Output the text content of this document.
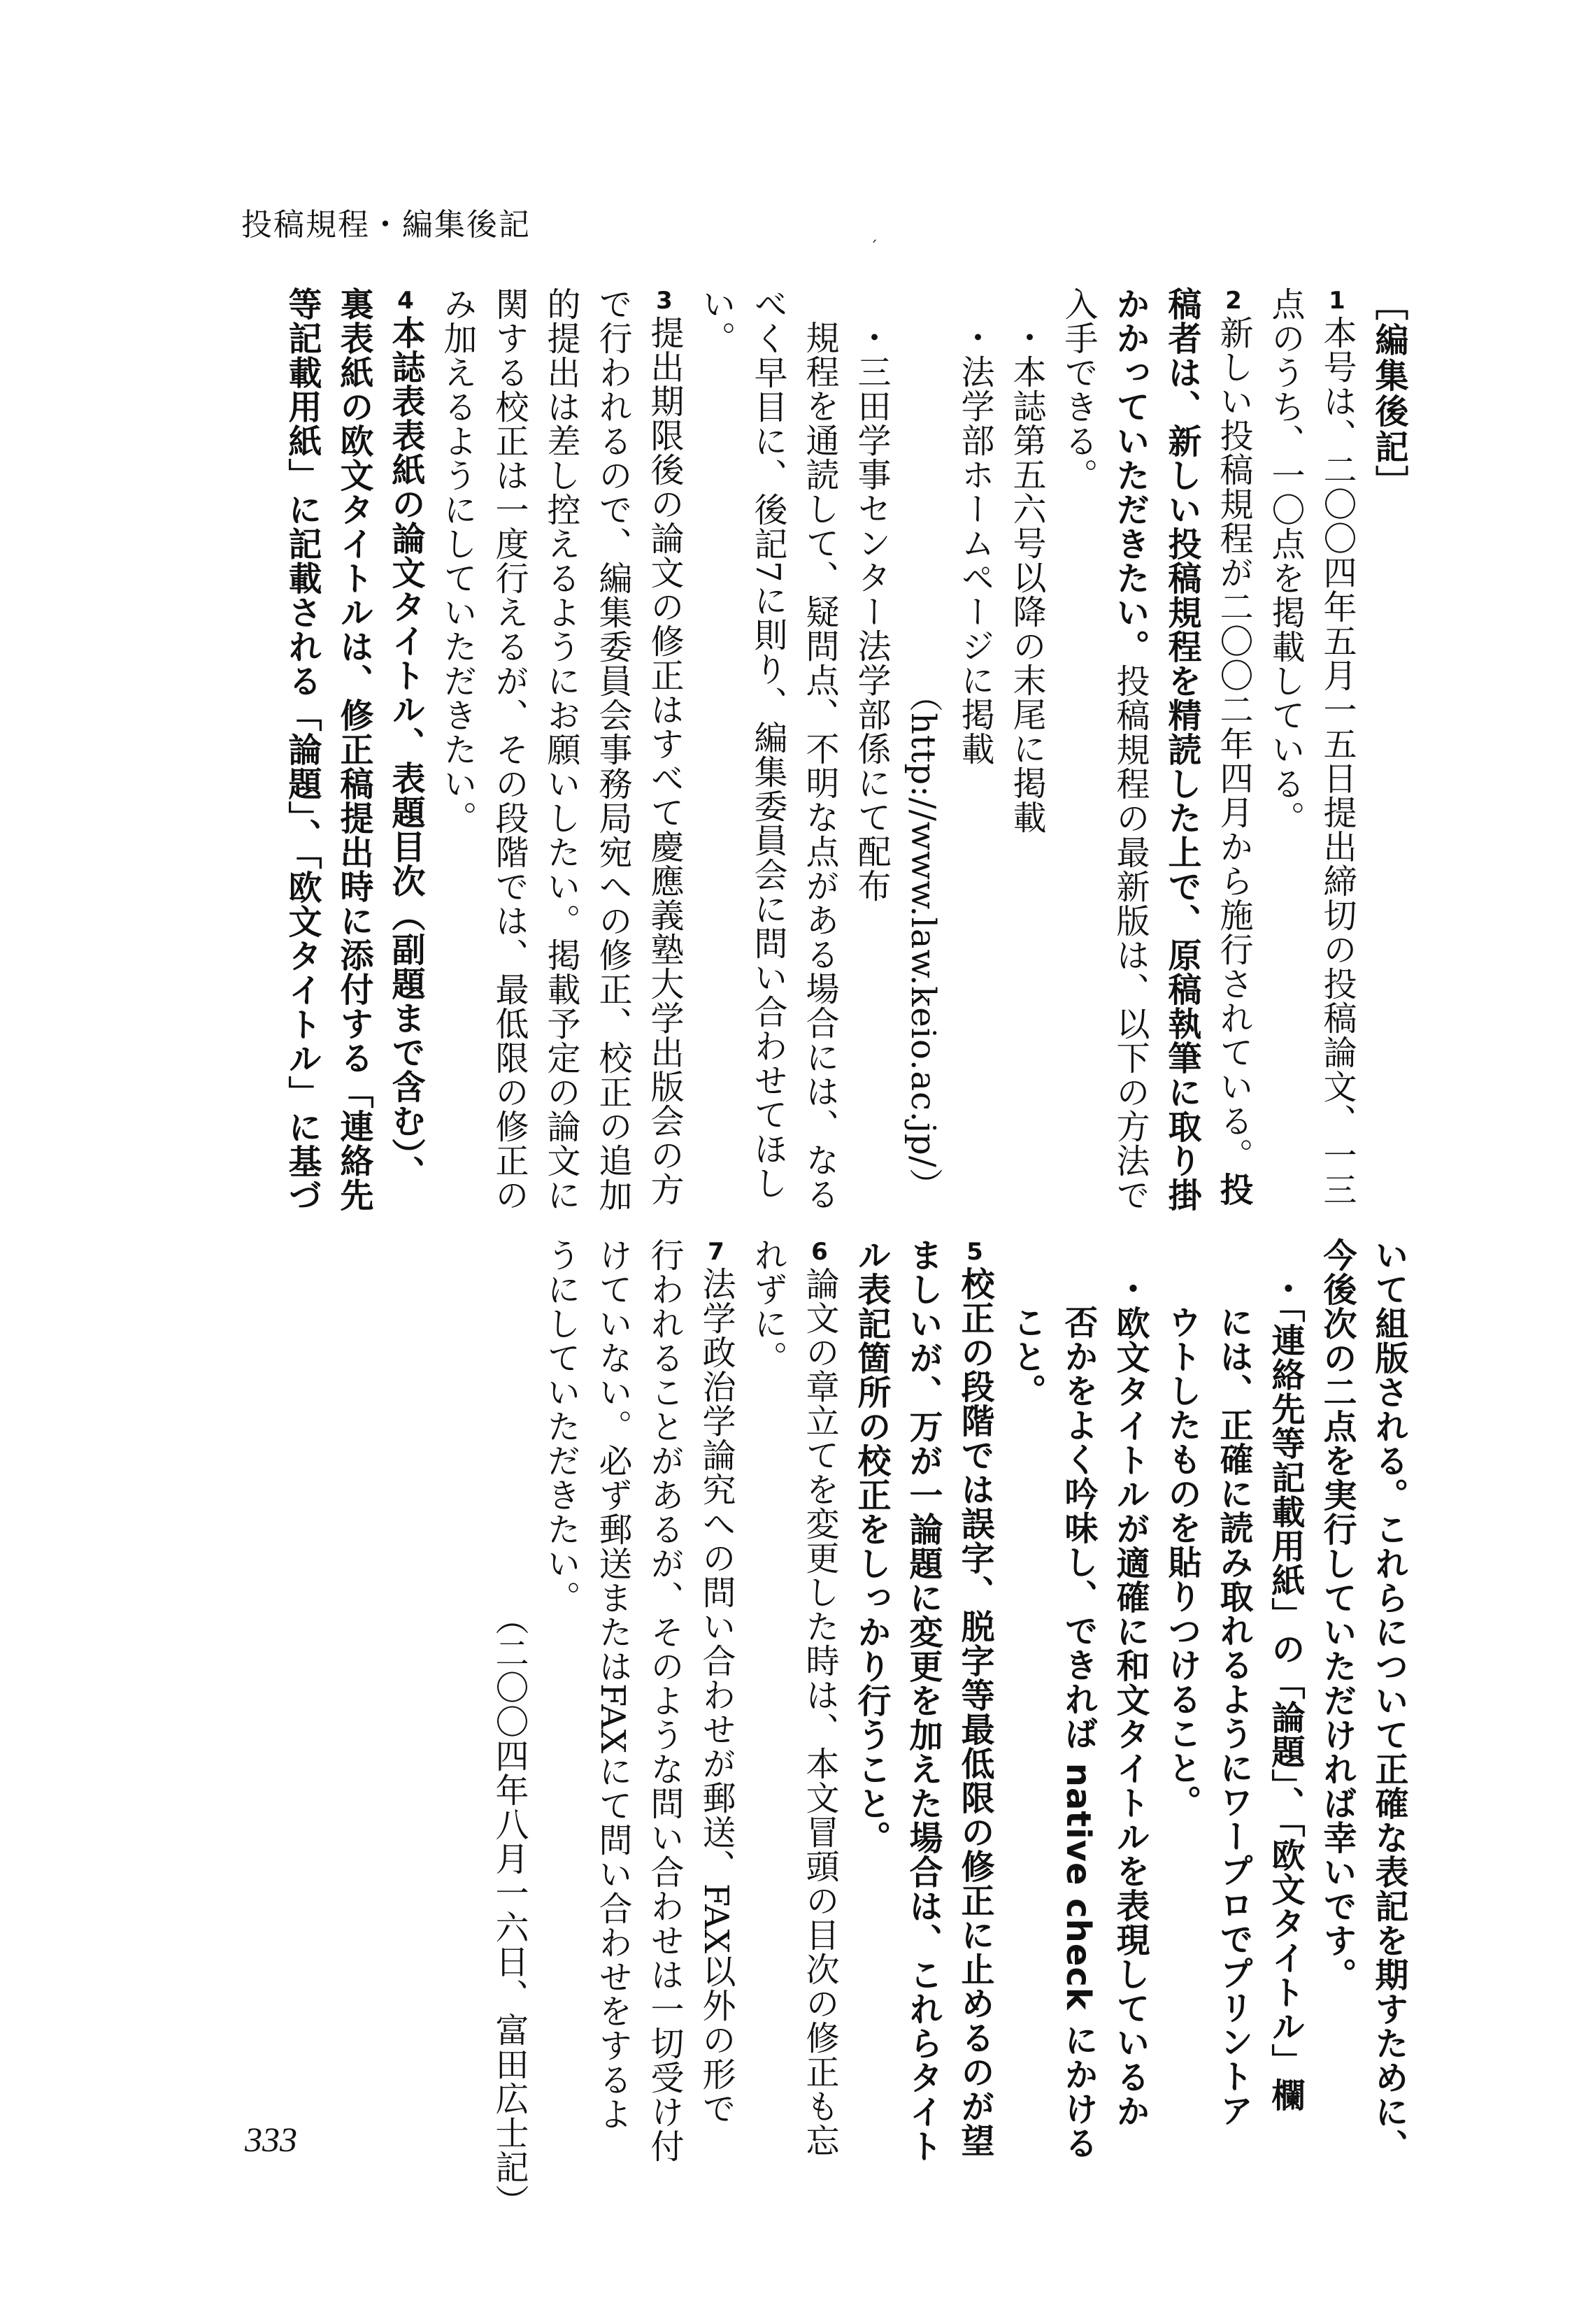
投稿規程・編集後記
´
［編集後記］
1本号は、二〇〇四年五月一五日提出締切の投稿論文、一三
点のうち、一〇点を掲載している。
2新しい投稿規程が二〇〇二年四月から施行されている。投
稿者は、新しい投稿規程を精読した上で、原稿執筆に取り掛
かかっていただきたい。投稿規程の最新版は、以下の方法で
入手できる。
・本誌第五六号以降の末尾に掲載
・法学部ホームページに掲載
（http://www.law.keio.ac.jp/）
・三田学事センター法学部係にて配布
規程を通読して、疑問点、不明な点がある場合には、なる
べく早目に、後記7に則り、編集委員会に問い合わせてほし
い。
3提出期限後の論文の修正はすべて慶應義塾大学出版会の方
で行われるので、編集委員会事務局宛への修正、校正の追加
的提出は差し控えるようにお願いしたい。掲載予定の論文に
関する校正は一度行えるが、その段階では、最低限の修正の
み加えるようにしていただきたい。
4本誌表表紙の論文タイトル、表題目次（副題まで含む）、
裏表紙の欧文タイトルは、修正稿提出時に添付する「連絡先
等記載用紙」に記載される「論題」、「欧文タイトル」に基づ
いて組版される。これらについて正確な表記を期すために、
今後次の二点を実行していただければ幸いです。
・「連絡先等記載用紙」の「論題」、「欧文タイトル」欄
には、正確に読み取れるようにワープロでプリントア
ウトしたものを貼りつけること。
・欧文タイトルが適確に和文タイトルを表現しているか
否かをよく吟味し、できれば native check にかける
こと。
5校正の段階では誤字、脱字等最低限の修正に止めるのが望
ましいが、万が一論題に変更を加えた場合は、これらタイト
ル表記箇所の校正をしっかり行うこと。
6論文の章立てを変更した時は、本文冒頭の目次の修正も忘
れずに。
7法学政治学論究への問い合わせが郵送、FAX以外の形で
行われることがあるが、そのような問い合わせは一切受け付
けていない。必ず郵送またはFAXにて問い合わせをするよ
うにしていただきたい。
（二〇〇四年八月一六日、富田広士記）
333
